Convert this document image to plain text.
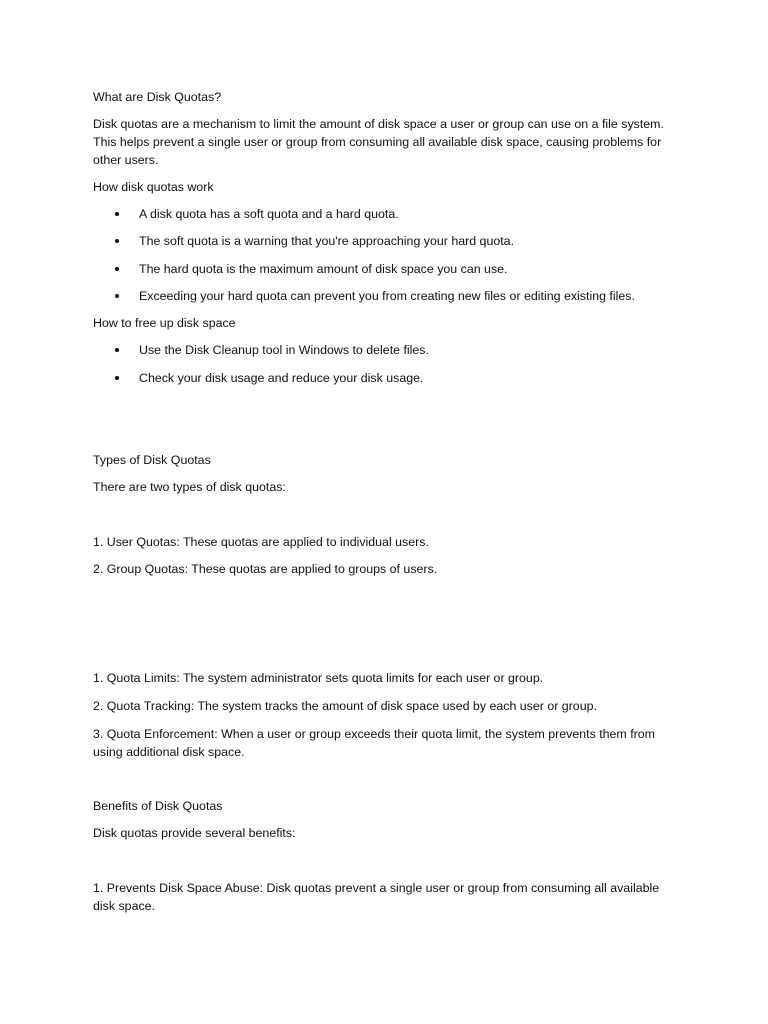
What are Disk Quotas?

Disk quotas are a mechanism to limit the amount of disk space a user or group can use on a file system. This helps prevent a single user or group from consuming all available disk space, causing problems for other users.

How disk quotas work

A disk quota has a soft quota and a hard quota.
The soft quota is a warning that you're approaching your hard quota.
The hard quota is the maximum amount of disk space you can use.
Exceeding your hard quota can prevent you from creating new files or editing existing files.

How to free up disk space

Use the Disk Cleanup tool in Windows to delete files.
Check your disk usage and reduce your disk usage.

Types of Disk Quotas

There are two types of disk quotas:

1. User Quotas: These quotas are applied to individual users.

2. Group Quotas: These quotas are applied to groups of users.

1. Quota Limits: The system administrator sets quota limits for each user or group.

2. Quota Tracking: The system tracks the amount of disk space used by each user or group.

3. Quota Enforcement: When a user or group exceeds their quota limit, the system prevents them from using additional disk space.

Benefits of Disk Quotas

Disk quotas provide several benefits:

1. Prevents Disk Space Abuse: Disk quotas prevent a single user or group from consuming all available disk space.
